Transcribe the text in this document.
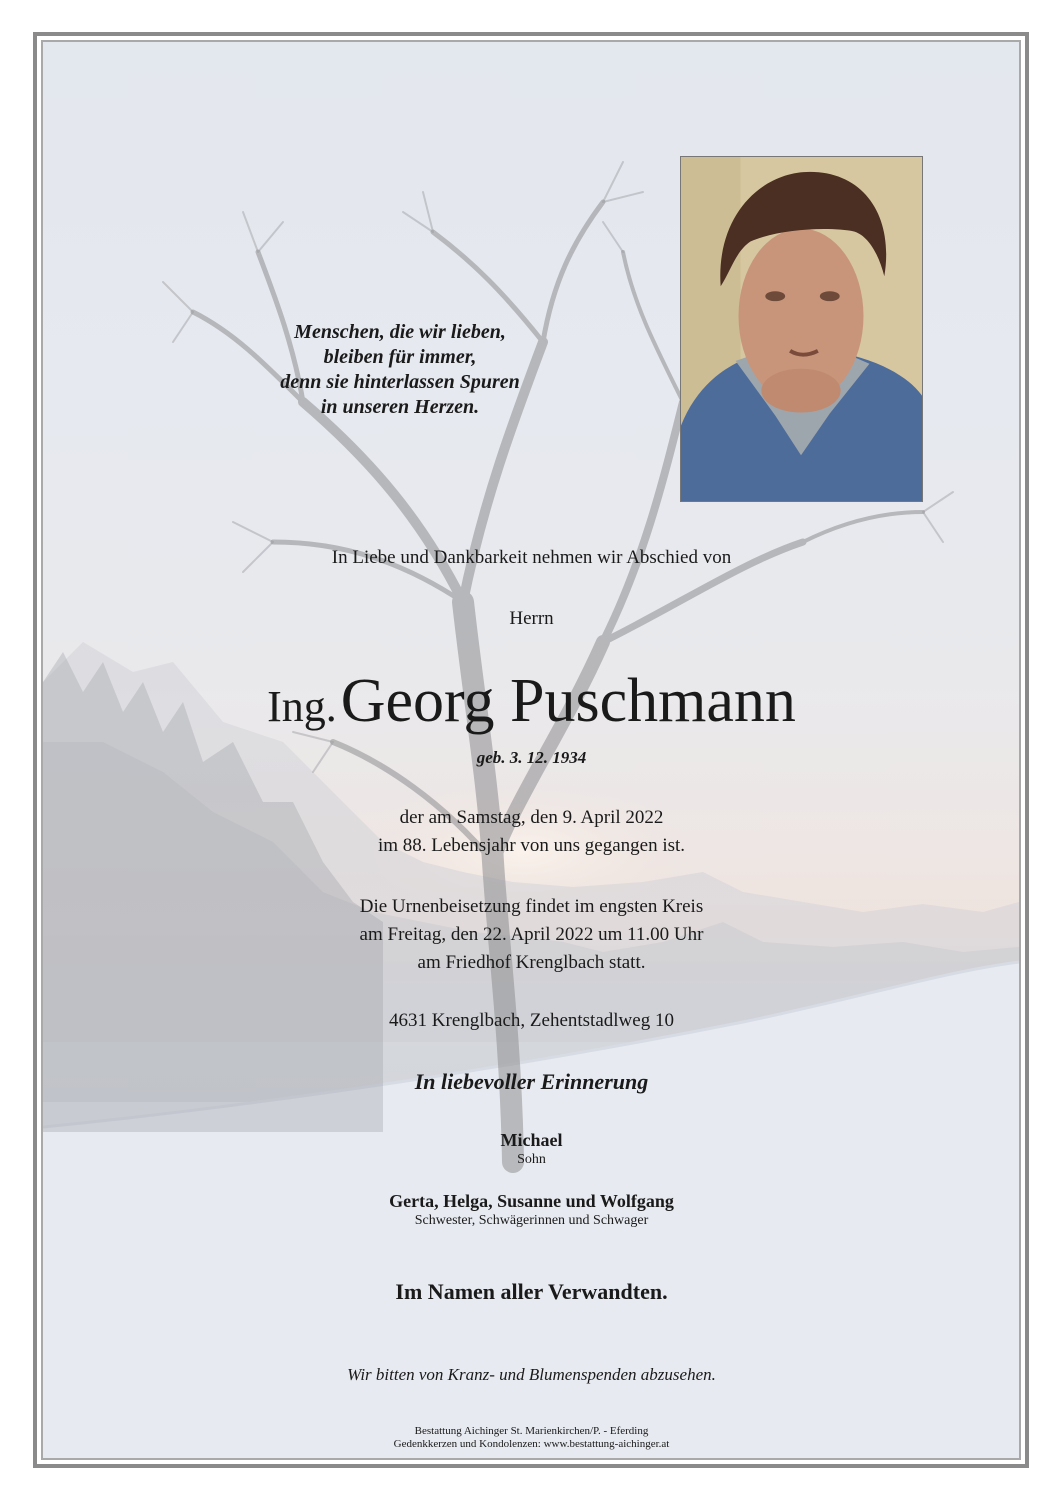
Menschen, die wir lieben,
bleiben für immer,
denn sie hinterlassen Spuren
in unseren Herzen.
In Liebe und Dankbarkeit nehmen wir Abschied von
Herrn
Ing. Georg Puschmann
geb. 3. 12. 1934
der am Samstag, den 9. April 2022
im 88. Lebensjahr von uns gegangen ist.
Die Urnenbeisetzung findet im engsten Kreis
am Freitag, den 22. April 2022 um 11.00 Uhr
am Friedhof Krenglbach statt.
4631 Krenglbach, Zehentstadlweg 10
In liebevoller Erinnerung
Michael
Sohn
Gerta, Helga, Susanne und Wolfgang
Schwester, Schwägerinnen und Schwager
Im Namen aller Verwandten.
Wir bitten von Kranz- und Blumenspenden abzusehen.
Bestattung Aichinger St. Marienkirchen/P. - Eferding
Gedenkkerzen und Kondolenzen: www.bestattung-aichinger.at
